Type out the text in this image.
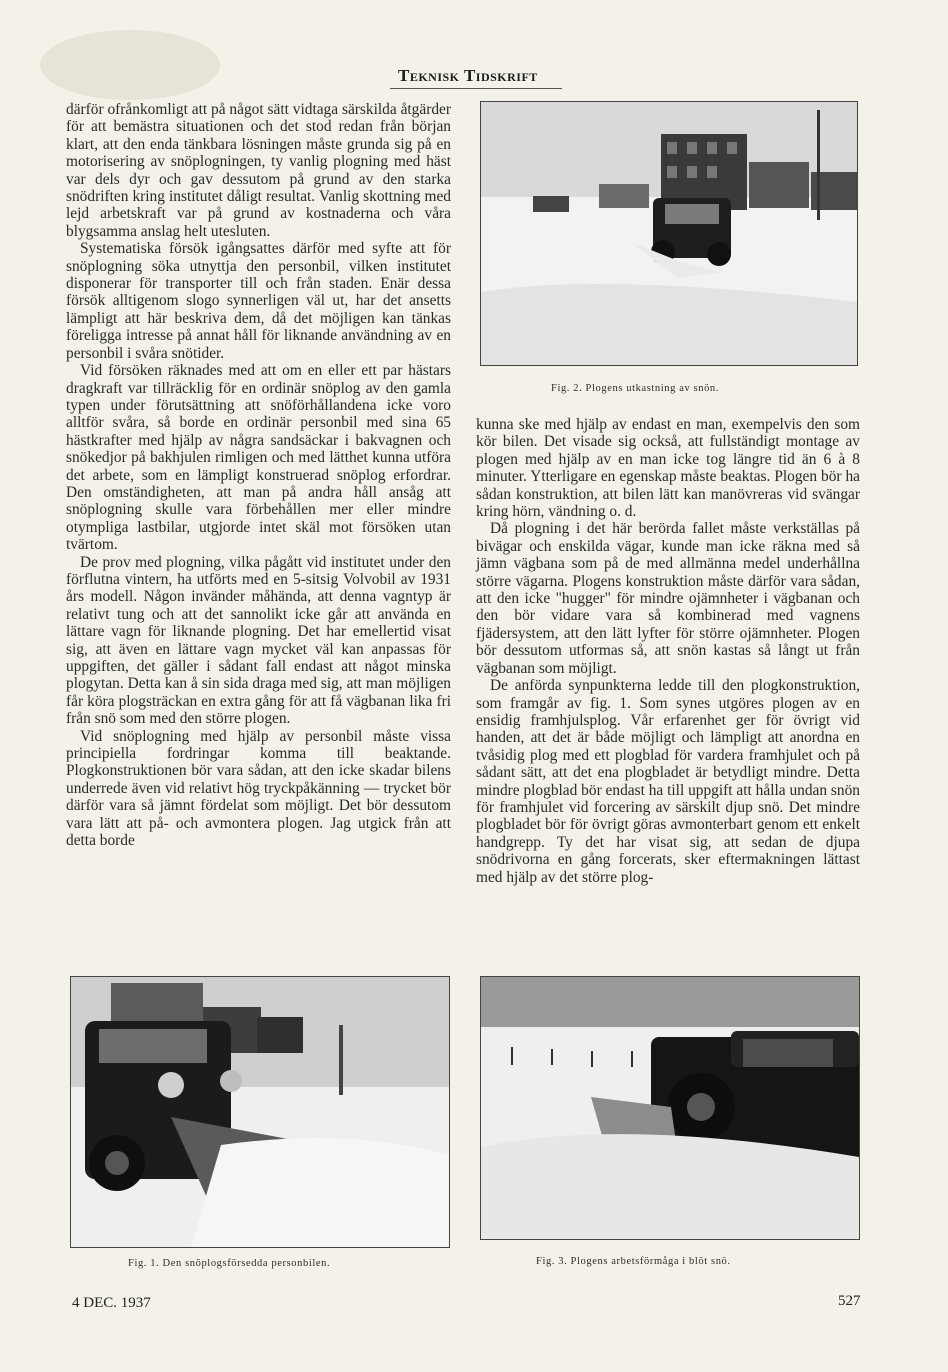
Teknisk Tidskrift

därför ofrånkomligt att på något sätt vidtaga särskilda åtgärder för att bemästra situationen och det stod redan från början klart, att den enda tänkbara lösningen måste grunda sig på en motorisering av snöplogningen, ty vanlig plogning med häst var dels dyr och gav dessutom på grund av den starka snödriften kring institutet dåligt resultat. Vanlig skottning med lejd arbetskraft var på grund av kostnaderna och våra blygsamma anslag helt utesluten.

Systematiska försök igångsattes därför med syfte att för snöplogning söka utnyttja den personbil, vilken institutet disponerar för transporter till och från staden. Enär dessa försök alltigenom slogo synnerligen väl ut, har det ansetts lämpligt att här beskriva dem, då det möjligen kan tänkas föreligga intresse på annat håll för liknande användning av en personbil i svåra snötider.

Vid försöken räknades med att om en eller ett par hästars dragkraft var tillräcklig för en ordinär snöplog av den gamla typen under förutsättning att snöförhållandena icke voro alltför svåra, så borde en ordinär personbil med sina 65 hästkrafter med hjälp av några sandsäckar i bakvagnen och snökedjor på bakhjulen rimligen och med lätthet kunna utföra det arbete, som en lämpligt konstruerad snöplog erfordrar. Den omständigheten, att man på andra håll ansåg att snöplogning skulle vara förbehållen mer eller mindre otympliga lastbilar, utgjorde intet skäl mot försöken utan tvärtom.

De prov med plogning, vilka pågått vid institutet under den förflutna vintern, ha utförts med en 5-sitsig Volvobil av 1931 års modell. Någon invänder måhända, att denna vagntyp är relativt tung och att det sannolikt icke går att använda en lättare vagn för liknande plogning. Det har emellertid visat sig, att även en lättare vagn mycket väl kan anpassas för uppgiften, det gäller i sådant fall endast att något minska plogytan. Detta kan å sin sida draga med sig, att man möjligen får köra plogsträckan en extra gång för att få vägbanan lika fri från snö som med den större plogen.

Vid snöplogning med hjälp av personbil måste vissa principiella fordringar komma till beaktande. Plogkonstruktionen bör vara sådan, att den icke skadar bilens underrede även vid relativt hög tryckpåkänning — trycket bör därför vara så jämnt fördelat som möjligt. Det bör dessutom vara lätt att på- och avmontera plogen. Jag utgick från att detta borde

Fig. 2. Plogens utkastning av snön.

kunna ske med hjälp av endast en man, exempelvis den som kör bilen. Det visade sig också, att fullständigt montage av plogen med hjälp av en man icke tog längre tid än 6 à 8 minuter. Ytterligare en egenskap måste beaktas. Plogen bör ha sådan konstruktion, att bilen lätt kan manövreras vid svängar kring hörn, vändning o. d.

Då plogning i det här berörda fallet måste verkställas på bivägar och enskilda vägar, kunde man icke räkna med så jämn vägbana som på de med allmänna medel underhållna större vägarna. Plogens konstruktion måste därför vara sådan, att den icke "hugger" för mindre ojämnheter i vägbanan och den bör vidare vara så kombinerad med vagnens fjädersystem, att den lätt lyfter för större ojämnheter. Plogen bör dessutom utformas så, att snön kastas så långt ut från vägbanan som möjligt.

De anförda synpunkterna ledde till den plogkonstruktion, som framgår av fig. 1. Som synes utgöres plogen av en ensidig framhjulsplog. Vår erfarenhet ger för övrigt vid handen, att det är både möjligt och lämpligt att anordna en tvåsidig plog med ett plogblad för vardera framhjulet och på sådant sätt, att det ena plogbladet är betydligt mindre. Detta mindre plogblad bör endast ha till uppgift att hålla undan snön för framhjulet vid forcering av särskilt djup snö. Det mindre plogbladet bör för övrigt göras avmonterbart genom ett enkelt handgrepp. Ty det har visat sig, att sedan de djupa snödrivorna en gång forcerats, sker eftermakningen lättast med hjälp av det större plog-

Fig. 1. Den snöplogsförsedda personbilen.	Fig. 3. Plogens arbetsförmåga i blöt snö.
4 DEC. 1937	527
